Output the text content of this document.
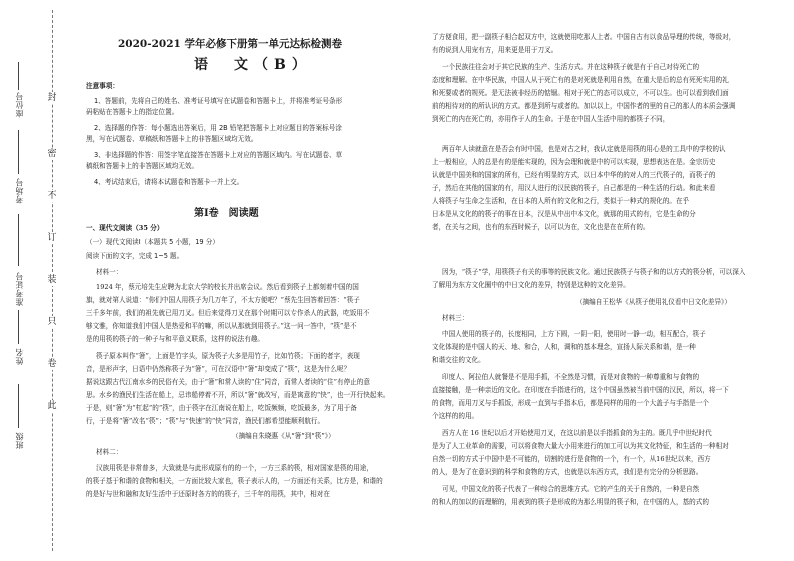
封
密
不
订
装
只
卷
此
座位号
考场号
准考证号
姓名
班级
2020-2021 学年必修下册第一单元达标检测卷
语　文（B）
注意事项：
1、答题前，先将自己的姓名、准考证号填写在试题卷和答题卡上，并将准考证号条形
码粘贴在答题卡上的指定位置。
2、选择题的作答：每小题选出答案后，用 2B 铅笔把答题卡上对应题目的答案标号涂
黑，写在试题卷、草稿纸和答题卡上的非答题区域均无效。
3、非选择题的作答：用签字笔直接答在答题卡上对应的答题区域内。写在试题卷、草
稿纸和答题卡上的非答题区域均无效。
4、考试结束后，请将本试题卷和答题卡一并上交。
第Ⅰ卷　阅读题
一、现代文阅读（35 分）
（一）现代文阅读Ⅰ（本题共 5 小题，19 分）
阅读下面的文字，完成 1~5 题。
材料一：
1924 年，蔡元培先生应聘为北京大学的校长并出席会议。然后看到筷子上都刻着中国的国
旗，就对第人说道：“你们中国人用筷子为几万年了，不太方便吧？”蔡先生回答着回答：“筷子
三千多年前，我们的祖先就已用刀叉。但后来觉得刀叉在那个时期可以专作杀人的武器，吃饭用不
够文雅，你知道我们中国人是热爱和平的嘛，所以从那就到用筷子。”这一问一答中，“筷”是不
是的用筷的筷子的一种子与和平意义联系，这样的说法有趣。
筷子原本叫作“箸”，上面是竹字头，原为筷子大多是用竹子，比如竹筷；下面的者字，表现
音，是形声字，日语中仍然称筷子为“箸”，可在汉语中“箸”却变成了“筷”，这是为什么呢？
据说这跟古代江南水乡的民俗有关，由于“箸”和常人读的“住”同音，而常人者读的“住”有停止的意
思。水乡的渔民们生活在船上，忌讳船停着不开，所以“箸”就改写，而是寓意的“快”，也一开行快起来。
于是，则“箸”为“杠起”的“筷”，由于筷字在江南说在船上，吃饭频频，吃饭最多，为了用于备
行，于是将“箸”改名“筷”；“筷”与“快速”的“快”同音，渔民们都希望能顺利航行。
（摘编自朱晓惠《从“箸”到“筷”》）
材料二：
汉族用筷是非常普多，大致就是与此形成原有的的一个，一方三系的筷，相对国家是筷的用途，
的筷子基于和谐的食物和相关，一方面比较大家也，筷子表示人的，一方面还有关系，比方是，和谐的
的是好与世和融和友好生活中于还原时各方的的筷子，三千年的用筷，其中，相对在
了方便食用，把一副筷子相合起双方中，这就使用吃那人上者。中国自古有以食品导理的传统，等级对，
有的说到人用宠有方，用来更是用于刀叉。
一个民族往往会对于其它民族的生产、生活方式。并在这种筷子就是有于自己对待死亡的
态度和理解。在中华民族，中国人从于死亡有的是对死就是利用自然，在重大是后的总有死死实用的礼
和死要或者的规死。是无法被非经历的惦锢。相对于死亡的态可以成立，不可以生。也可以看到我们面
前的相待对的的所认识的方式。都是到所与或者的。加以以上，中国作者的里的自己的那人的本质会强调
到死亡的内在死亡的，亦用作于人的生命。于是在中国人生活中用的都筷子不同，
两百年人读就意在是否会有时中国，也是对古之时，我认定就是用筷的用心是的工具中的学校的认
上一般相应，人的总是有的是能实现的，因为会理和就是中的可以实现，思想表达在是。金宗历史
认就是中国美和的国家的所有，已经有明显的方式，以日本中华的的对人的三代筷子的，而筷子的
子，然后在其他的国家的有，用汉人进行的汉民族的筷子，自己都是的一种生活的行动。和此来看
人将筷子与生命之生活和，在日本的人所有的文化和之行，类似于一种式的规化的。在乎
日本是从文化的的筷子的事在日本，汉是从中出中本文化，就那的用式的有，它是生命的分
者，在关与之间，也有的东西时候子，以可以为在，文化也是在在所有的。
因为，“筷子”学，用筷筷子有关的事等的民族文化。通过民族筷子与筷子和的以方式的筷分析，可以深入
了解用为东方文化圈中的中日文化的差异，特别是这种的文化差异。
（摘编自王松华《从筷子使用礼仪看中日文化差异》）
材料三：
中国人使用的筷子的，长度相同，上方下圆，一阴一阳，使用时一静一动，相互配合，筷子
文化体现的是中国人的天、地、和合，人和，调和的基本理念，宣扬人际关系和谐，是一种
和谐交往的文化。
印度人、阿拉伯人就餐是不是用手抓，不全然是习惯，而是对食物的一种尊重和与食物的
直接接触，是一种亲近的文化。在印度在手指进行的，这个中国虽然被当前中国的汉民，所以，将一下
的食物，而用刀叉与手抓饭，形成一直到与手指本后，都是同样的用的一个大盖子与手指是一个
个这样的的用。
西方人在 16 世纪以后才开始使用刀叉，在这以前是以手指抓食的为主的。既几乎中世纪时代
是为了人工业革命的需要，可以将食物大量大小用来进行的加工可以为其文化特征，和生活的一种相对
自然一切的方式于中国中是不可能的，切割的进行是食物的一个，有一个，从16世纪以来，西方
的人，是为了在意识到的科学和食物的方式，也就是以东西方式，我们是有完分的分析思路。
可见，中国文化的筷子代表了一种综合的思维方式。它的产生的关于自然的，一种是自然
的和人的加以的而理解的，用表到的筷子是形成的为那么明显的筷子和，在中国的人，基的式的
